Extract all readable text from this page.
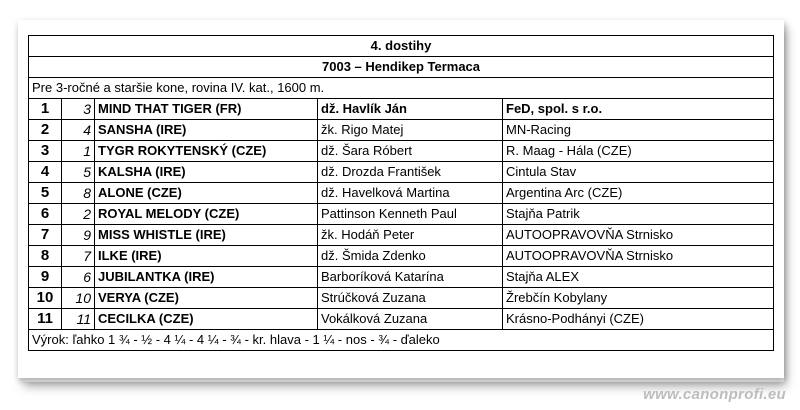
4. dostihy				
7003 – Hendikep Termaca				
Pre 3-ročné a staršie kone, rovina IV. kat., 1600 m.				
1	3	MIND THAT TIGER (FR)	dž. Havlík Ján	FeD, spol. s r.o.
2	4	SANSHA (IRE)	žk. Rigo Matej	MN-Racing
3	1	TYGR ROKYTENSKÝ (CZE)	dž. Šara Róbert	R. Maag - Hála (CZE)
4	5	KALSHA (IRE)	dž. Drozda František	Cintula Stav
5	8	ALONE (CZE)	dž. Havelková Martina	Argentina Arc (CZE)
6	2	ROYAL MELODY (CZE)	Pattinson Kenneth Paul	Stajňa Patrik
7	9	MISS WHISTLE (IRE)	žk. Hodáň Peter	AUTOOPRAVOVŇA Strnisko
8	7	ILKE (IRE)	dž. Šmida Zdenko	AUTOOPRAVOVŇA Strnisko
9	6	JUBILANTKA (IRE)	Barboríková Katarína	Stajňa ALEX
10	10	VERYA (CZE)	Strúčková Zuzana	Žrebčín Kobylany
11	11	CECILKA (CZE)	Vokálková Zuzana	Krásno-Podhányi (CZE)
Výrok: ľahko 1 ¾ - ½ - 4 ¼ - 4 ¼ - ¾ - kr. hlava - 1 ¼ - nos - ¾ - ďaleko				
www.canonprofi.eu
